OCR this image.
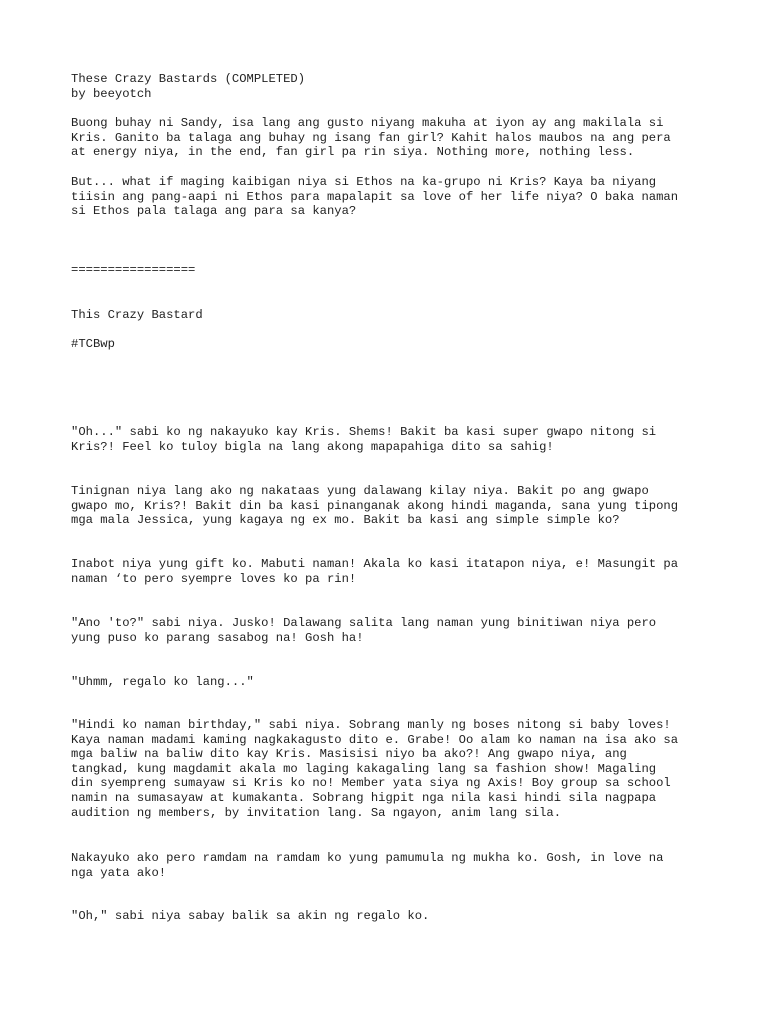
These Crazy Bastards (COMPLETED)

by beeyotch

Buong buhay ni Sandy, isa lang ang gusto niyang makuha at iyon ay ang makilala si
Kris. Ganito ba talaga ang buhay ng isang fan girl? Kahit halos maubos na ang pera
at energy niya, in the end, fan girl pa rin siya. Nothing more, nothing less.

But... what if maging kaibigan niya si Ethos na ka-grupo ni Kris? Kaya ba niyang
tiisin ang pang-aapi ni Ethos para mapalapit sa love of her life niya? O baka naman
si Ethos pala talaga ang para sa kanya?

=================

This Crazy Bastard

#TCBwp

"Oh..." sabi ko ng nakayuko kay Kris. Shems! Bakit ba kasi super gwapo nitong si
Kris?! Feel ko tuloy bigla na lang akong mapapahiga dito sa sahig!

Tinignan niya lang ako ng nakataas yung dalawang kilay niya. Bakit po ang gwapo
gwapo mo, Kris?! Bakit din ba kasi pinanganak akong hindi maganda, sana yung tipong
mga mala Jessica, yung kagaya ng ex mo. Bakit ba kasi ang simple simple ko?

Inabot niya yung gift ko. Mabuti naman! Akala ko kasi itatapon niya, e! Masungit pa
naman ‘to pero syempre loves ko pa rin!

"Ano 'to?" sabi niya. Jusko! Dalawang salita lang naman yung binitiwan niya pero
yung puso ko parang sasabog na! Gosh ha!

"Uhmm, regalo ko lang..."

"Hindi ko naman birthday," sabi niya. Sobrang manly ng boses nitong si baby loves!
Kaya naman madami kaming nagkakagusto dito e. Grabe! Oo alam ko naman na isa ako sa
mga baliw na baliw dito kay Kris. Masisisi niyo ba ako?! Ang gwapo niya, ang
tangkad, kung magdamit akala mo laging kakagaling lang sa fashion show! Magaling
din syempreng sumayaw si Kris ko no! Member yata siya ng Axis! Boy group sa school
namin na sumasayaw at kumakanta. Sobrang higpit nga nila kasi hindi sila nagpapa
audition ng members, by invitation lang. Sa ngayon, anim lang sila.

Nakayuko ako pero ramdam na ramdam ko yung pamumula ng mukha ko. Gosh, in love na
nga yata ako!

"Oh," sabi niya sabay balik sa akin ng regalo ko.
